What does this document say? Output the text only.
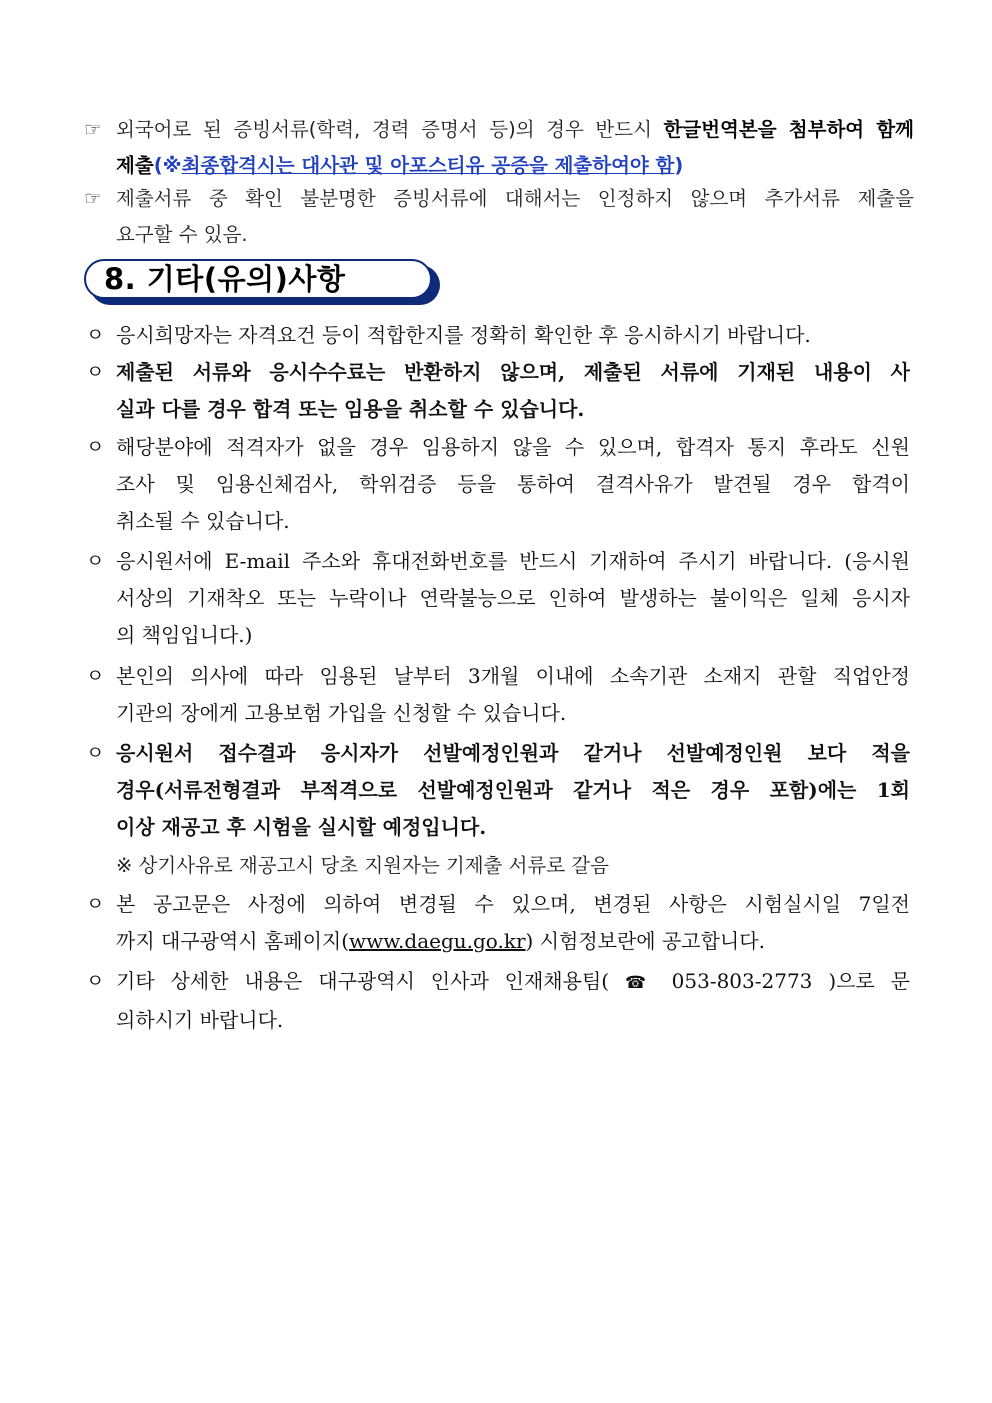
☞ 외국어로 된 증빙서류(학력, 경력 증명서 등)의 경우 반드시 한글번역본을 첨부하여 함께
제출(※최종합격시는 대사관 및 아포스티유 공증을 제출하여야 함)
☞ 제출서류 중 확인 불분명한 증빙서류에 대해서는 인정하지 않으며 추가서류 제출을
요구할 수 있음.
8. 기타(유의)사항
ㅇ 응시희망자는 자격요건 등이 적합한지를 정확히 확인한 후 응시하시기 바랍니다.
ㅇ 제출된 서류와 응시수수료는 반환하지 않으며, 제출된 서류에 기재된 내용이 사
실과 다를 경우 합격 또는 임용을 취소할 수 있습니다.
ㅇ 해당분야에 적격자가 없을 경우 임용하지 않을 수 있으며, 합격자 통지 후라도 신원
조사 및 임용신체검사, 학위검증 등을 통하여 결격사유가 발견될 경우 합격이
취소될 수 있습니다.
ㅇ 응시원서에 E-mail 주소와 휴대전화번호를 반드시 기재하여 주시기 바랍니다. (응시원
서상의 기재착오 또는 누락이나 연락불능으로 인하여 발생하는 불이익은 일체 응시자
의 책임입니다.)
ㅇ 본인의 의사에 따라 임용된 날부터 3개월 이내에 소속기관 소재지 관할 직업안정
기관의 장에게 고용보험 가입을 신청할 수 있습니다.
ㅇ 응시원서 접수결과 응시자가 선발예정인원과 같거나 선발예정인원 보다 적을
경우(서류전형결과 부적격으로 선발예정인원과 같거나 적은 경우 포함)에는 1회
이상 재공고 후 시험을 실시할 예정입니다.
※ 상기사유로 재공고시 당초 지원자는 기제출 서류로 갈음
ㅇ 본 공고문은 사정에 의하여 변경될 수 있으며, 변경된 사항은 시험실시일 7일전
까지 대구광역시 홈페이지(www.daegu.go.kr) 시험정보란에 공고합니다.
ㅇ 기타 상세한 내용은 대구광역시 인사과 인재채용팀( ☎ 053-803-2773 )으로 문
의하시기 바랍니다.
